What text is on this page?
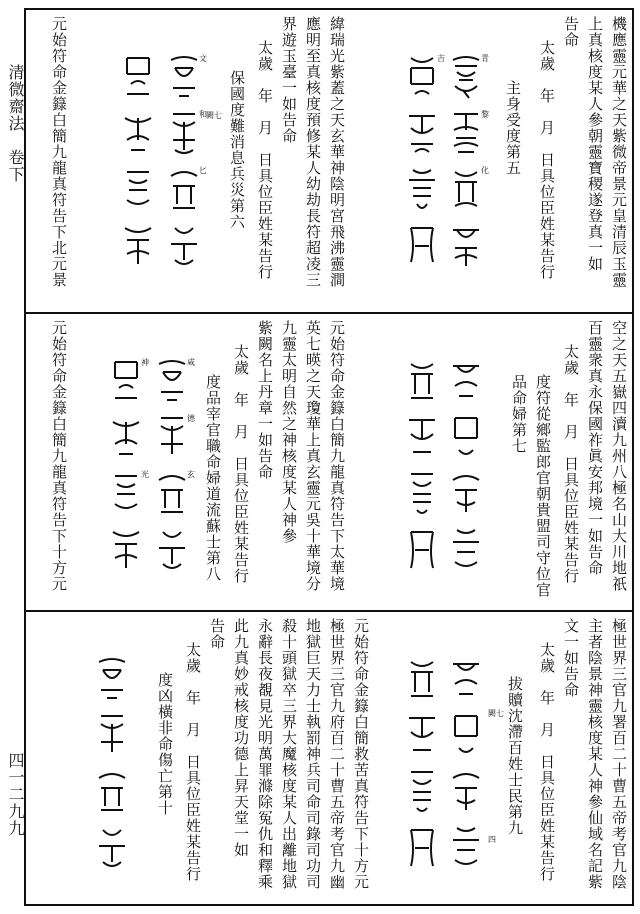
清微齋法　卷下
四一二九九
機應靈元華之天紫微帝景元皇清辰玉靈
上真核度某人參朝靈寶稷遂登真一如
告命
太歲　年　月　日具位臣姓某告行
主身受度第五
青
黎
化
吉
緯瑞光紫蓋之天玄華神陰明宮飛沸靈澗
應明至真核度預修某人幼劫長符超凌三
界遊玉臺一如告命
太歲　年　月　日具位臣姓某告行
保國度難消息兵災第六
闕七
文
和
匕
元始符命金籙白簡九龍真符告下北元景
空之天五嶽四瀆九州八極名山大川地祇
百靈衆真永保國祚眞安邦境一如告命
太歲　年　月　日具位臣姓某告行
度符從鄉監郎官朝貴盟司守位官
品命婦第七
元始符命金籙白簡九龍真符告下太華境
英七暎之天瓊華上真玄靈元吳十華境分
九靈太明自然之神核度某人神參
紫闕名上丹章一如告命
太歲　年　月　日具位臣姓某告行
度品宰官職命婦道流蘇士第八
咸
德
玄
神
光
元始符命金籙白簡九龍真符告下十方元
極世界三官九署百二十曹五帝考官九陰
主者陰景神靈核度某人神參仙域名記紫
文一如告命
太歲　年　月　日具位臣姓某告行
拔贖沈滯百姓士民第九
闕七
四
元始符命金籙白簡救苦真符告下十方元
極世界三官九府百二十曹五帝考官九幽
地獄巨天力士執罰神兵司命司錄司功司
殺十頭獄卒三界大魔核度某人出離地獄
永辭長夜覩見光明萬罪滌除冤仇和釋乘
此九真妙戒核度功德上昇天堂一如
告命
太歲　年　月　日具位臣姓某告行
度凶橫非命傷亡第十
